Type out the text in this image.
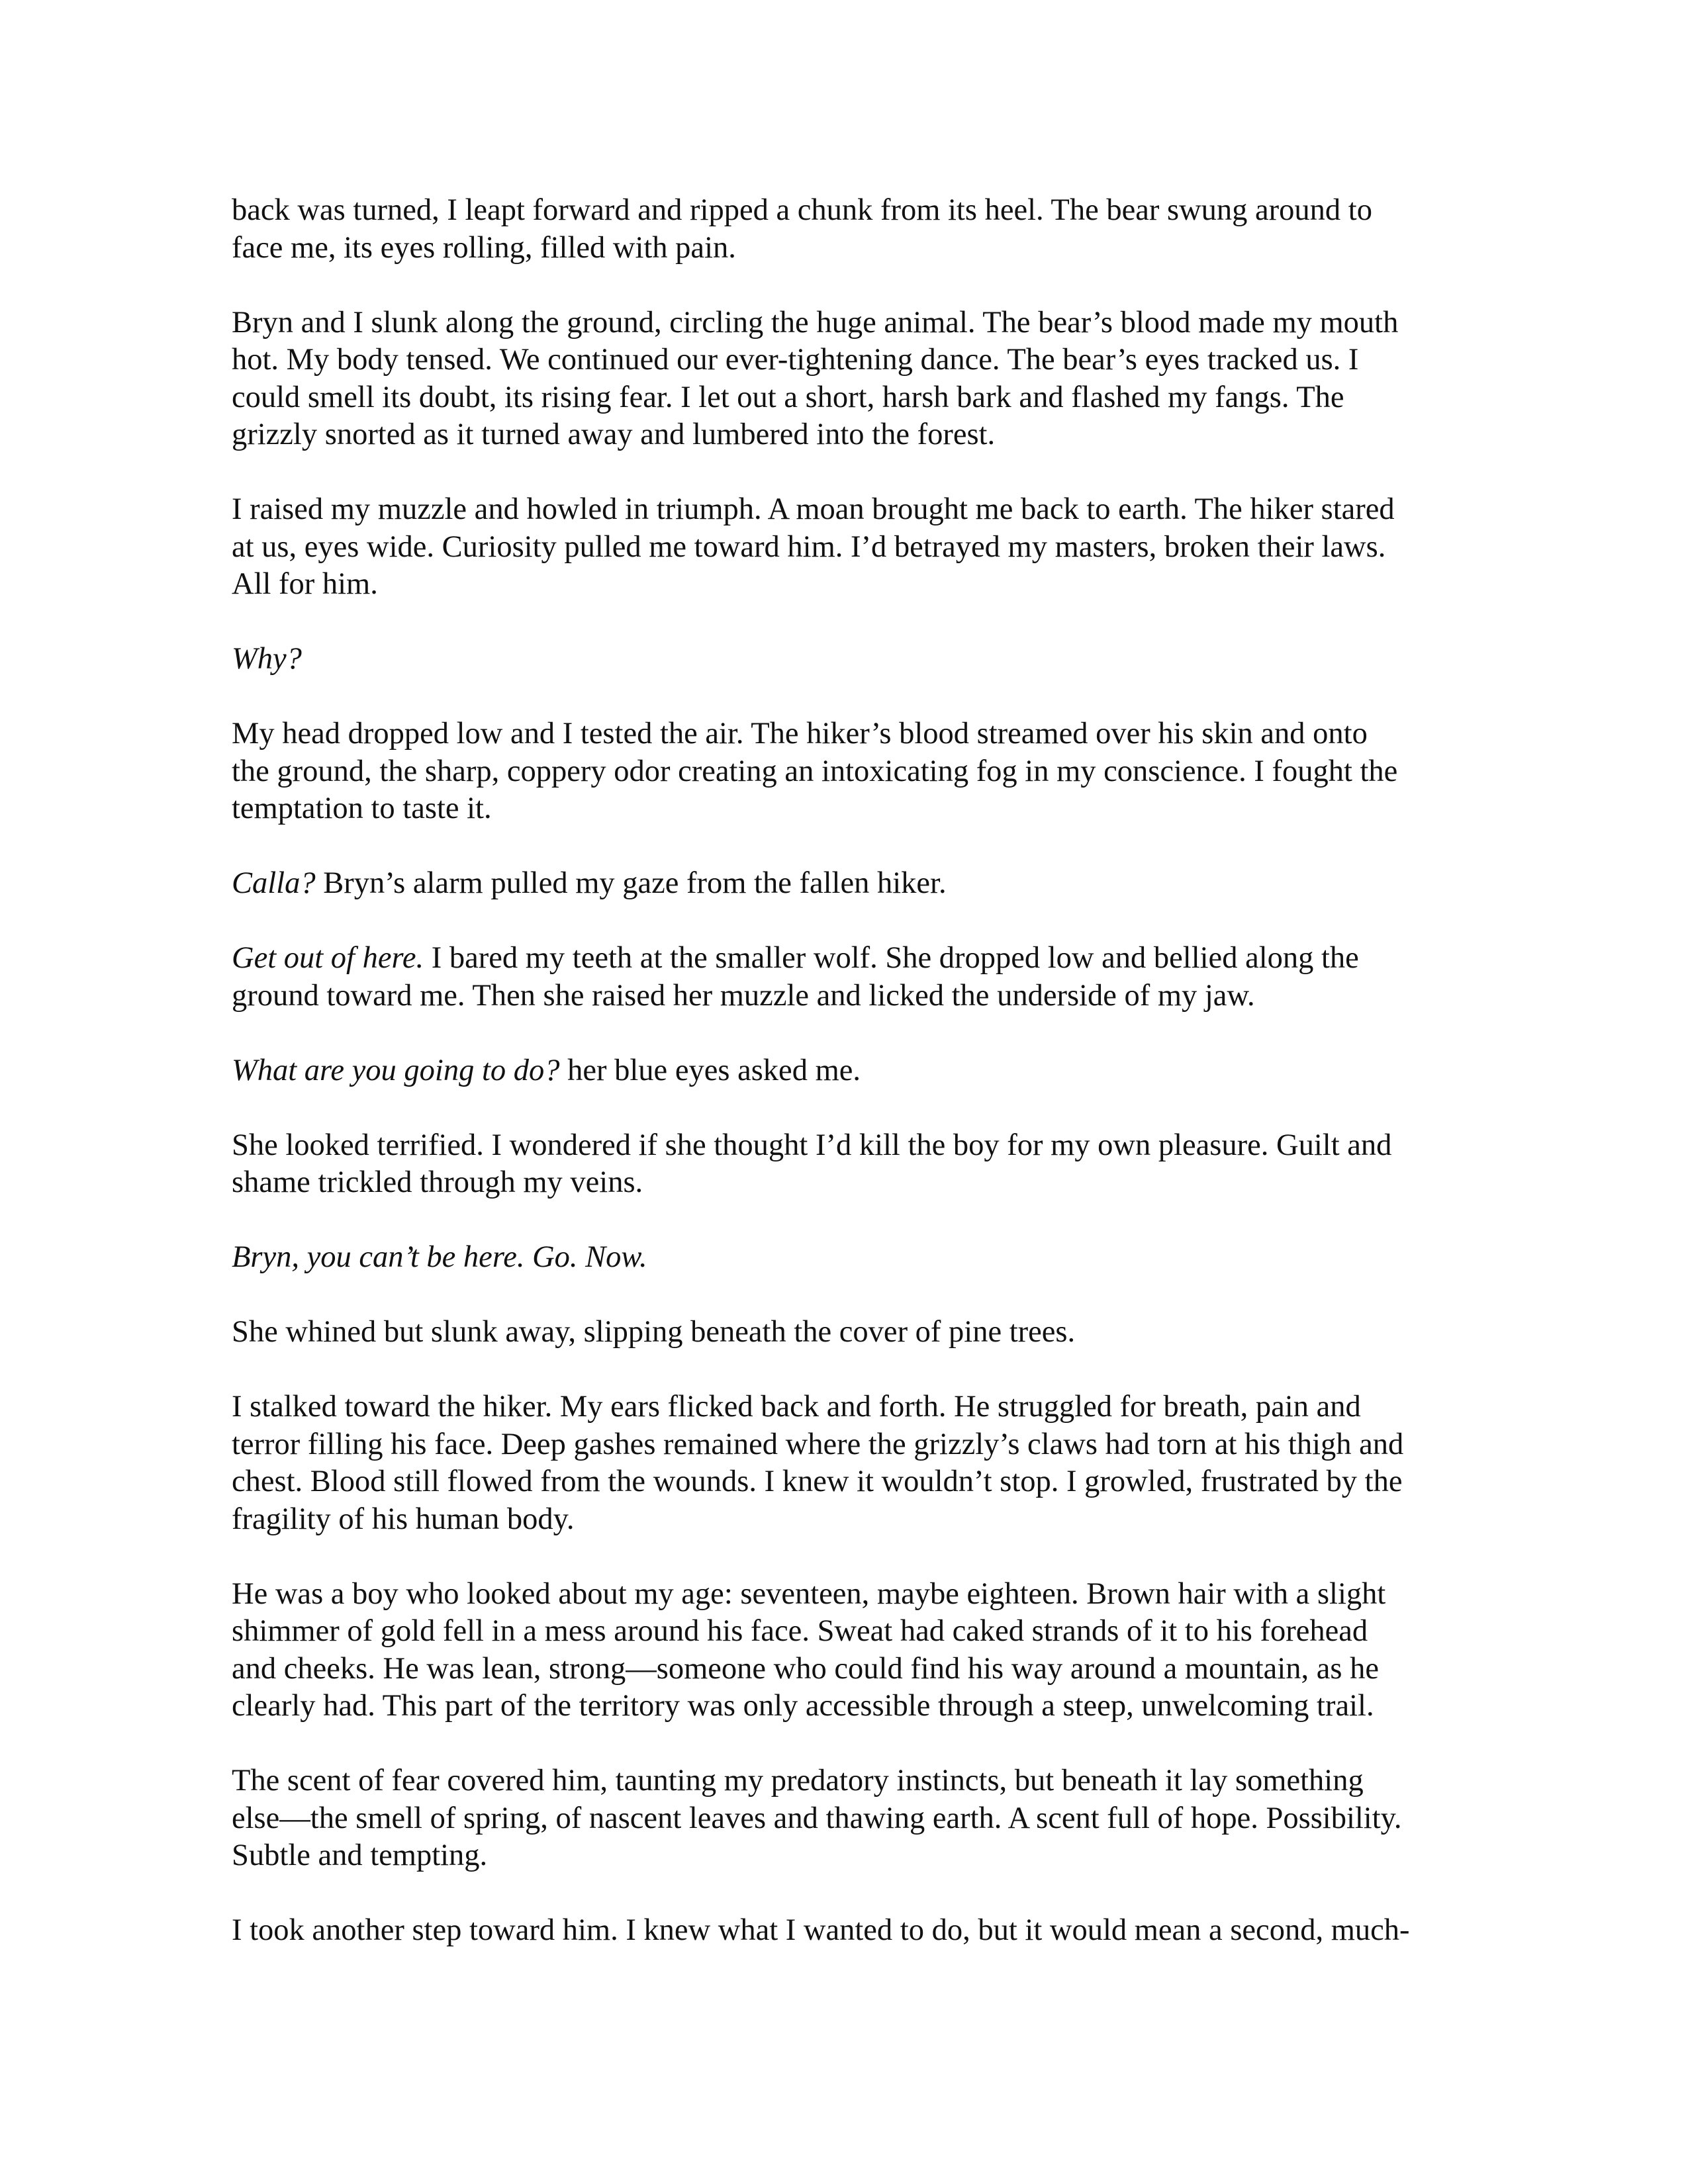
back was turned, I leapt forward and ripped a chunk from its heel. The bear swung around to
face me, its eyes rolling, filled with pain.

Bryn and I slunk along the ground, circling the huge animal. The bear’s blood made my mouth
hot. My body tensed. We continued our ever-tightening dance. The bear’s eyes tracked us. I
could smell its doubt, its rising fear. I let out a short, harsh bark and flashed my fangs. The
grizzly snorted as it turned away and lumbered into the forest.

I raised my muzzle and howled in triumph. A moan brought me back to earth. The hiker stared
at us, eyes wide. Curiosity pulled me toward him. I’d betrayed my masters, broken their laws.
All for him.

Why?

My head dropped low and I tested the air. The hiker’s blood streamed over his skin and onto
the ground, the sharp, coppery odor creating an intoxicating fog in my conscience. I fought the
temptation to taste it.

Calla? Bryn’s alarm pulled my gaze from the fallen hiker.

Get out of here. I bared my teeth at the smaller wolf. She dropped low and bellied along the
ground toward me. Then she raised her muzzle and licked the underside of my jaw.

What are you going to do? her blue eyes asked me.

She looked terrified. I wondered if she thought I’d kill the boy for my own pleasure. Guilt and
shame trickled through my veins.

Bryn, you can’t be here. Go. Now.

She whined but slunk away, slipping beneath the cover of pine trees.

I stalked toward the hiker. My ears flicked back and forth. He struggled for breath, pain and
terror filling his face. Deep gashes remained where the grizzly’s claws had torn at his thigh and
chest. Blood still flowed from the wounds. I knew it wouldn’t stop. I growled, frustrated by the
fragility of his human body.

He was a boy who looked about my age: seventeen, maybe eighteen. Brown hair with a slight
shimmer of gold fell in a mess around his face. Sweat had caked strands of it to his forehead
and cheeks. He was lean, strong—someone who could find his way around a mountain, as he
clearly had. This part of the territory was only accessible through a steep, unwelcoming trail.

The scent of fear covered him, taunting my predatory instincts, but beneath it lay something
else—the smell of spring, of nascent leaves and thawing earth. A scent full of hope. Possibility.
Subtle and tempting.

I took another step toward him. I knew what I wanted to do, but it would mean a second, much-
